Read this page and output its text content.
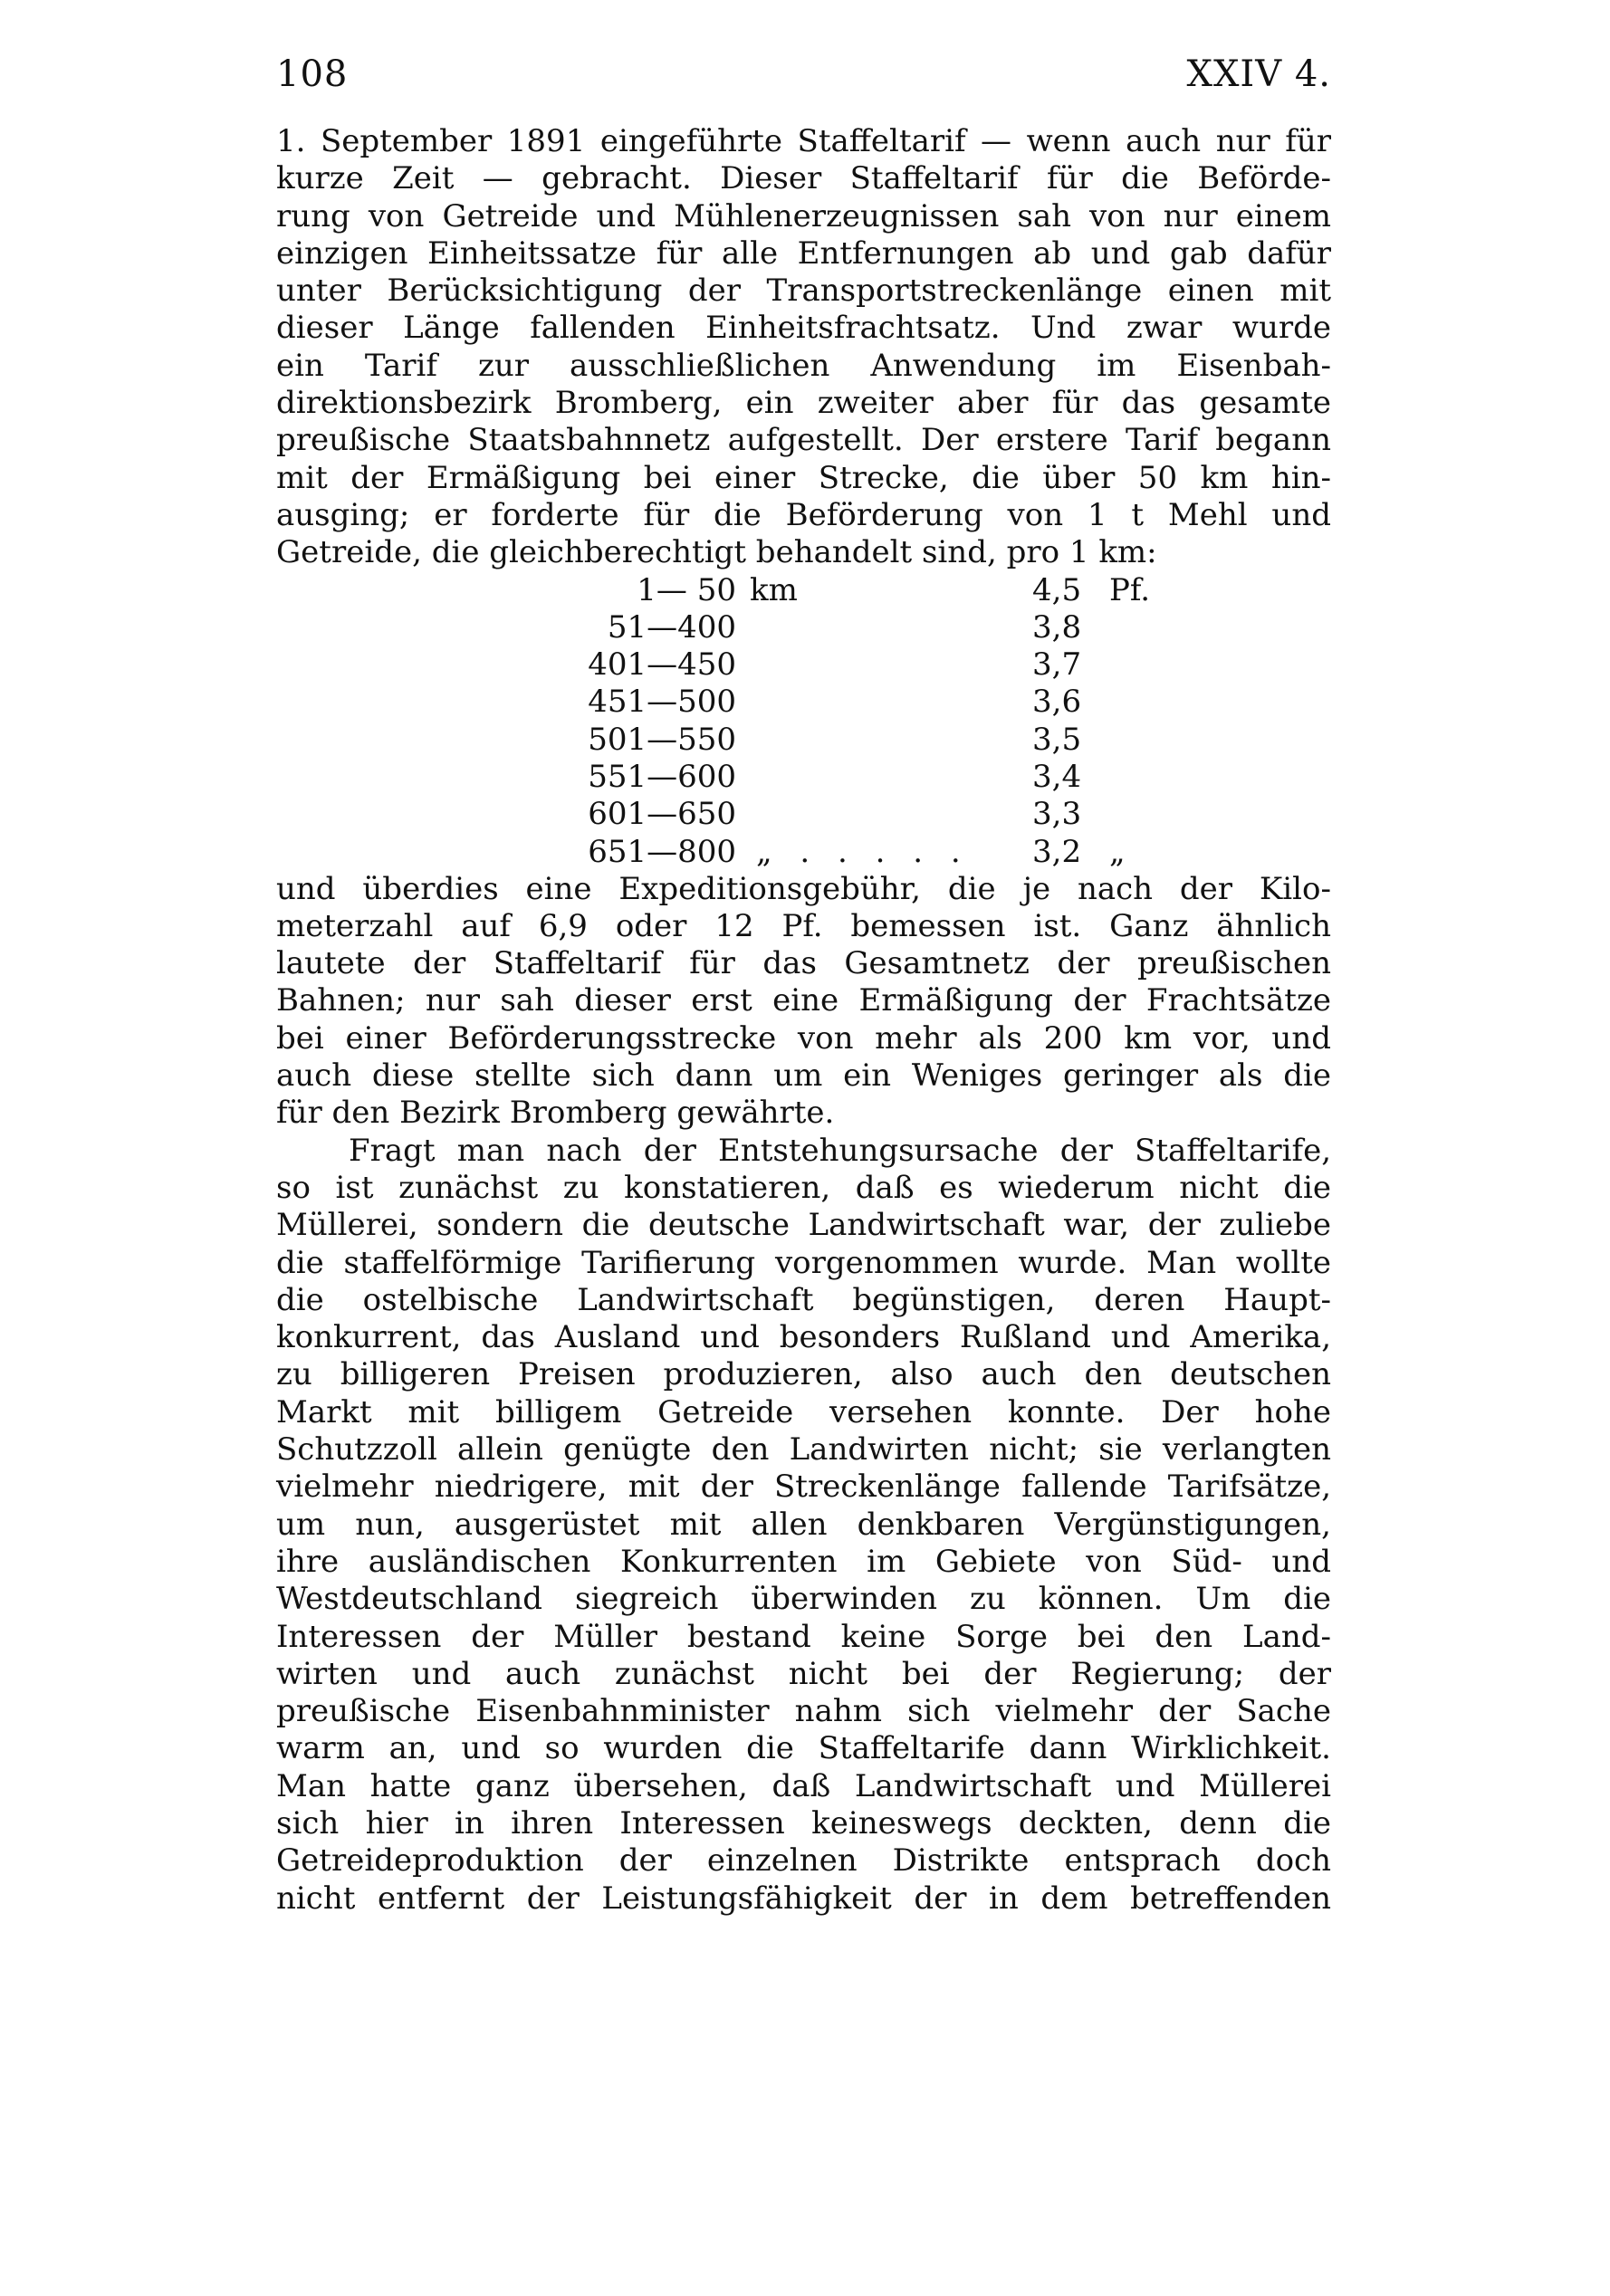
108	XXIV 4.
1. September 1891 eingeführte Staffeltarif — wenn auch nur für
kurze Zeit — gebracht. Dieser Staffeltarif für die Beförde-
rung von Getreide und Mühlenerzeugnissen sah von nur einem
einzigen Einheitssatze für alle Entfernungen ab und gab dafür
unter Berücksichtigung der Transportstreckenlänge einen mit
dieser Länge fallenden Einheitsfrachtsatz. Und zwar wurde
ein Tarif zur ausschließlichen Anwendung im Eisenbah-
direktionsbezirk Bromberg, ein zweiter aber für das gesamte
preußische Staatsbahnnetz aufgestellt. Der erstere Tarif begann
mit der Ermäßigung bei einer Strecke, die über 50 km hin-
ausging; er forderte für die Beförderung von 1 t Mehl und
Getreide, die gleichberechtigt behandelt sind, pro 1 km:
1— 50 km	4,5 Pf.
51—400	3,8
401—450	3,7
451—500	3,6
501—550	3,5
551—600	3,4
601—650	3,3
651—800 „ . . . . .	3,2 „
und überdies eine Expeditionsgebühr, die je nach der Kilo-
meterzahl auf 6,9 oder 12 Pf. bemessen ist. Ganz ähnlich
lautete der Staffeltarif für das Gesamtnetz der preußischen
Bahnen; nur sah dieser erst eine Ermäßigung der Frachtsätze
bei einer Beförderungsstrecke von mehr als 200 km vor, und
auch diese stellte sich dann um ein Weniges geringer als die
für den Bezirk Bromberg gewährte.
Fragt man nach der Entstehungsursache der Staffeltarife,
so ist zunächst zu konstatieren, daß es wiederum nicht die
Müllerei, sondern die deutsche Landwirtschaft war, der zuliebe
die staffelförmige Tarifierung vorgenommen wurde. Man wollte
die ostelbische Landwirtschaft begünstigen, deren Haupt-
konkurrent, das Ausland und besonders Rußland und Amerika,
zu billigeren Preisen produzieren, also auch den deutschen
Markt mit billigem Getreide versehen konnte. Der hohe
Schutzzoll allein genügte den Landwirten nicht; sie verlangten
vielmehr niedrigere, mit der Streckenlänge fallende Tarifsätze,
um nun, ausgerüstet mit allen denkbaren Vergünstigungen,
ihre ausländischen Konkurrenten im Gebiete von Süd- und
Westdeutschland siegreich überwinden zu können. Um die
Interessen der Müller bestand keine Sorge bei den Land-
wirten und auch zunächst nicht bei der Regierung; der
preußische Eisenbahnminister nahm sich vielmehr der Sache
warm an, und so wurden die Staffeltarife dann Wirklichkeit.
Man hatte ganz übersehen, daß Landwirtschaft und Müllerei
sich hier in ihren Interessen keineswegs deckten, denn die
Getreideproduktion der einzelnen Distrikte entsprach doch
nicht entfernt der Leistungsfähigkeit der in dem betreffenden
